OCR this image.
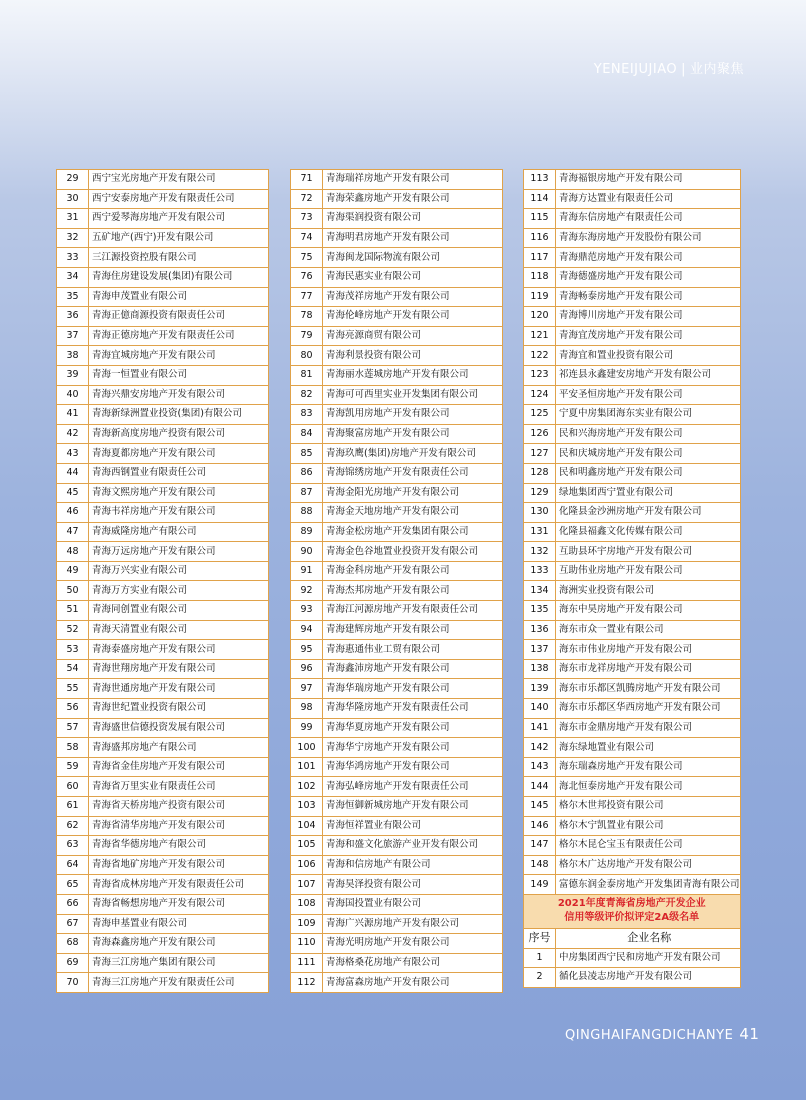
YENEIJUJIAO | 业内聚焦
29	西宁宝光房地产开发有限公司
30	西宁安泰房地产开发有限责任公司
31	西宁爱琴海房地产开发有限公司
32	五矿地产(西宁)开发有限公司
33	三江源投资控股有限公司
34	青海住房建设发展(集团)有限公司
35	青海申茂置业有限公司
36	青海正億商源投资有限责任公司
37	青海正德房地产开发有限责任公司
38	青海宜城房地产开发有限公司
39	青海一恒置业有限公司
40	青海兴鼎安房地产开发有限公司
41	青海新绿洲置业投资(集团)有限公司
42	青海新高度房地产投资有限公司
43	青海夏都房地产开发有限公司
44	青海西钢置业有限责任公司
45	青海文熙房地产开发有限公司
46	青海韦祥房地产开发有限公司
47	青海威隆房地产有限公司
48	青海万远房地产开发有限公司
49	青海万兴实业有限公司
50	青海万方实业有限公司
51	青海同创置业有限公司
52	青海天清置业有限公司
53	青海泰盛房地产开发有限公司
54	青海世翔房地产开发有限公司
55	青海世通房地产开发有限公司
56	青海世纪置业投资有限公司
57	青海盛世信德投资发展有限公司
58	青海盛邦房地产有限公司
59	青海省金佳房地产开发有限公司
60	青海省万里实业有限责任公司
61	青海省天桥房地产投资有限公司
62	青海省清华房地产开发有限公司
63	青海省华德房地产有限公司
64	青海省地矿房地产开发有限公司
65	青海省成林房地产开发有限责任公司
66	青海省畅想房地产开发有限公司
67	青海申基置业有限公司
68	青海森鑫房地产开发有限公司
69	青海三江房地产集团有限公司
70	青海三江房地产开发有限责任公司
71	青海瑞祥房地产开发有限公司
72	青海荣鑫房地产开发有限公司
73	青海渠润投资有限公司
74	青海明君房地产开发有限公司
75	青海闽龙国际物流有限公司
76	青海民惠实业有限公司
77	青海茂祥房地产开发有限公司
78	青海伦峰房地产开发有限公司
79	青海亮源商贸有限公司
80	青海利景投资有限公司
81	青海丽水莲城房地产开发有限公司
82	青海可可西里实业开发集团有限公司
83	青海凯用房地产开发有限公司
84	青海聚富房地产开发有限公司
85	青海玖鹰(集团)房地产开发有限公司
86	青海锦绣房地产开发有限责任公司
87	青海金阳光房地产开发有限公司
88	青海金天地房地产开发有限公司
89	青海金松房地产开发集团有限公司
90	青海金色谷地置业投资开发有限公司
91	青海金科房地产开发有限公司
92	青海杰邦房地产开发有限公司
93	青海江河源房地产开发有限责任公司
94	青海建辉房地产开发有限公司
95	青海惠通伟业工贸有限公司
96	青海鑫沛房地产开发有限公司
97	青海华瑞房地产开发有限公司
98	青海华隆房地产开发有限责任公司
99	青海华夏房地产开发有限公司
100	青海华宁房地产开发有限公司
101	青海华鸿房地产开发有限公司
102	青海弘峰房地产开发有限责任公司
103	青海恒御新城房地产开发有限公司
104	青海恒祥置业有限公司
105	青海和盛文化旅游产业开发有限公司
106	青海和信房地产有限公司
107	青海昊泽投资有限公司
108	青海国投置业有限公司
109	青海广兴源房地产开发有限公司
110	青海光明房地产开发有限公司
111	青海格桑花房地产有限公司
112	青海富森房地产开发有限公司
113	青海福银房地产开发有限公司
114	青海方达置业有限责任公司
115	青海东信房地产有限责任公司
116	青海东海房地产开发股份有限公司
117	青海鼎范房地产开发有限公司
118	青海德盛房地产开发有限公司
119	青海畅泰房地产开发有限公司
120	青海博川房地产开发有限公司
121	青海宜茂房地产开发有限公司
122	青海宜和置业投资有限公司
123	祁连县永鑫建安房地产开发有限公司
124	平安圣恒房地产开发有限公司
125	宁夏中房集团海东实业有限公司
126	民和兴海房地产开发有限公司
127	民和庆城房地产开发有限公司
128	民和明鑫房地产开发有限公司
129	绿地集团西宁置业有限公司
130	化隆县金沙洲房地产开发有限公司
131	化隆县福鑫文化传媒有限公司
132	互助县环宇房地产开发有限公司
133	互助伟业房地产开发有限公司
134	海洲实业投资有限公司
135	海东中昊房地产开发有限公司
136	海东市众一置业有限公司
137	海东市伟业房地产开发有限公司
138	海东市龙祥房地产开发有限公司
139	海东市乐都区凯腾房地产开发有限公司
140	海东市乐都区华西房地产开发有限公司
141	海东市金鼎房地产开发有限公司
142	海东绿地置业有限公司
143	海东瑞森房地产开发有限公司
144	海北恒泰房地产开发有限公司
145	格尔木世邦投资有限公司
146	格尔木宁凯置业有限公司
147	格尔木昆仑宝玉有限责任公司
148	格尔木广达房地产开发有限公司
149	富德东润金泰房地产开发集团青海有限公司

2021年度青海省房地产开发企业
信用等级评价拟评定2A级名单	

序号	企业名称
1	中房集团西宁民和房地产开发有限公司
2	循化县凌志房地产开发有限公司
QINGHAIFANGDICHANYE 41
